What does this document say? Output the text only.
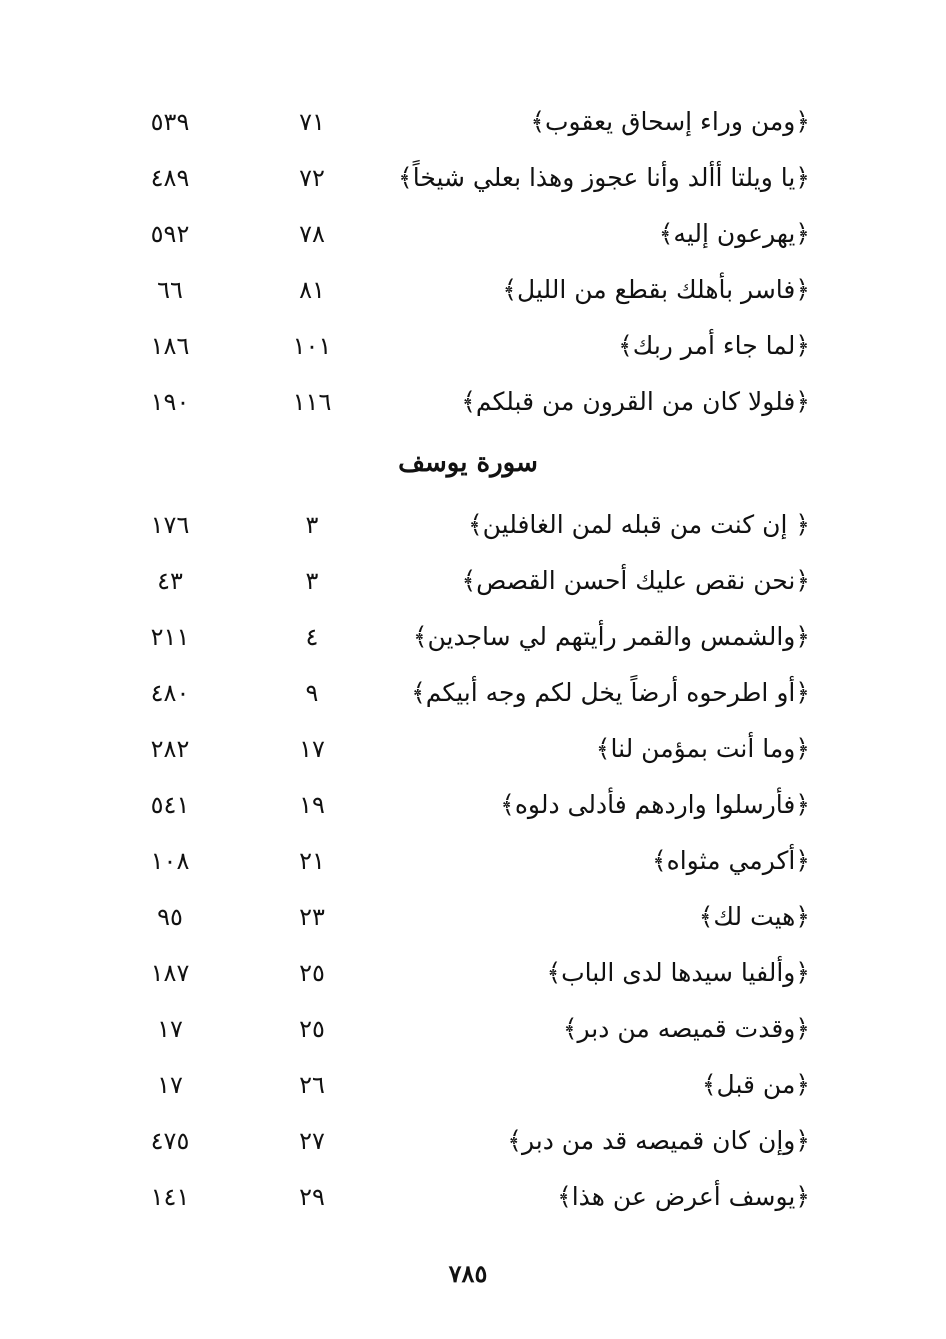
﴿ومن وراء إسحاق يعقوب﴾
٧١
٥٣٩
﴿يا ويلتا أألد وأنا عجوز وهذا بعلي شيخاً﴾
٧٢
٤٨٩
﴿يهرعون إليه﴾
٧٨
٥٩٢
﴿فاسر بأهلك بقطع من الليل﴾
٨١
٦٦
﴿لما جاء أمر ربك﴾
١٠١
١٨٦
﴿فلولا كان من القرون من قبلكم﴾
١١٦
١٩٠
سورة يوسف
﴿ إن كنت من قبله لمن الغافلين﴾
٣
١٧٦
﴿نحن نقص عليك أحسن القصص﴾
٣
٤٣
﴿والشمس والقمر رأيتهم لي ساجدين﴾
٤
٢١١
﴿أو اطرحوه أرضاً يخل لكم وجه أبيكم﴾
٩
٤٨٠
﴿وما أنت بمؤمن لنا﴾
١٧
٢٨٢
﴿فأرسلوا واردهم فأدلى دلوه﴾
١٩
٥٤١
﴿أكرمي مثواه﴾
٢١
١٠٨
﴿هيت لك﴾
٢٣
٩٥
﴿وألفيا سيدها لدى الباب﴾
٢٥
١٨٧
﴿وقدت قميصه من دبر﴾
٢٥
١٧
﴿من قبل﴾
٢٦
١٧
﴿وإن كان قميصه قد من دبر﴾
٢٧
٤٧٥
﴿يوسف أعرض عن هذا﴾
٢٩
١٤١
٧٨٥
